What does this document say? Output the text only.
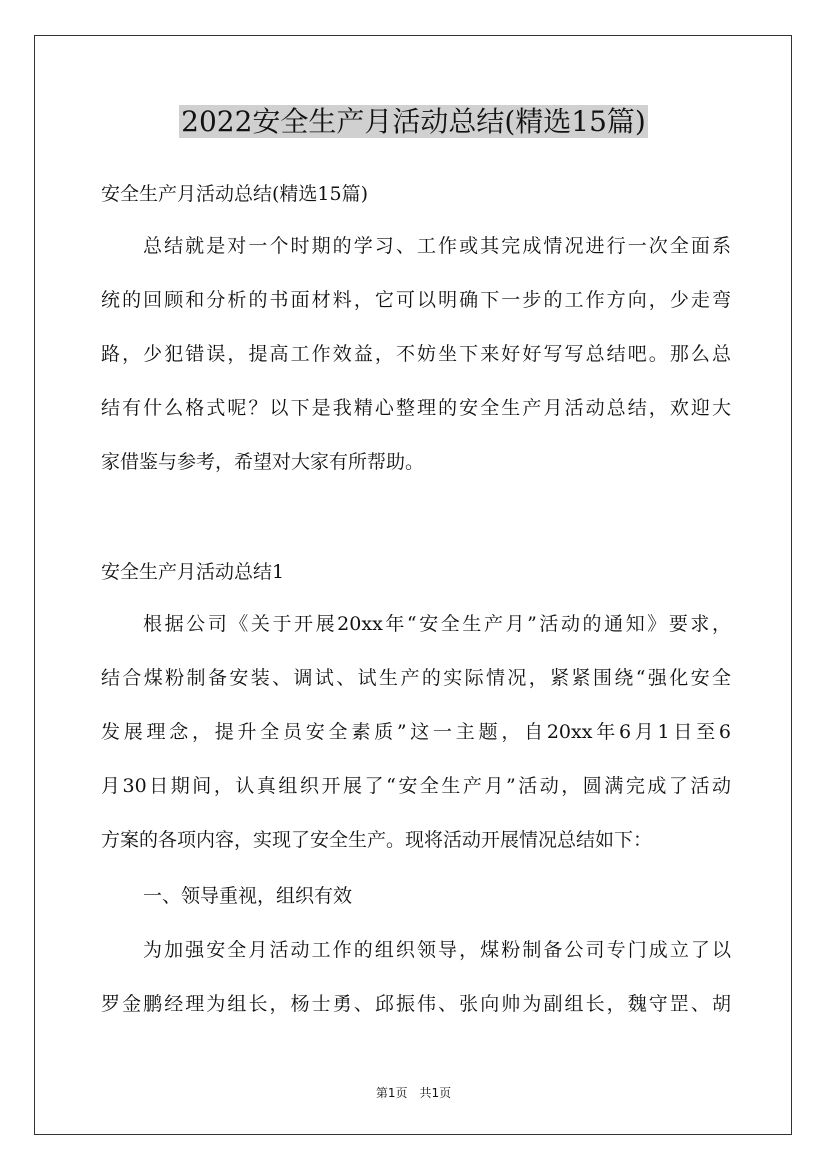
2022安全生产月活动总结(精选15篇)

安全生产月活动总结(精选15篇)

总结就是对一个时期的学习、工作或其完成情况进行一次全面系
统的回顾和分析的书面材料，它可以明确下一步的工作方向，少走弯
路，少犯错误，提高工作效益，不妨坐下来好好写写总结吧。那么总
结有什么格式呢？以下是我精心整理的安全生产月活动总结，欢迎大
家借鉴与参考，希望对大家有所帮助。

安全生产月活动总结1

根据公司《关于开展20xx年“安全生产月”活动的通知》要求，
结合煤粉制备安装、调试、试生产的实际情况，紧紧围绕“强化安全
发展理念，提升全员安全素质”这一主题，自20xx年6月1日至6
月30日期间，认真组织开展了“安全生产月”活动，圆满完成了活动
方案的各项内容，实现了安全生产。现将活动开展情况总结如下：

一、领导重视，组织有效

为加强安全月活动工作的组织领导，煤粉制备公司专门成立了以
罗金鹏经理为组长，杨士勇、邱振伟、张向帅为副组长，魏守罡、胡

第1页　共1页
